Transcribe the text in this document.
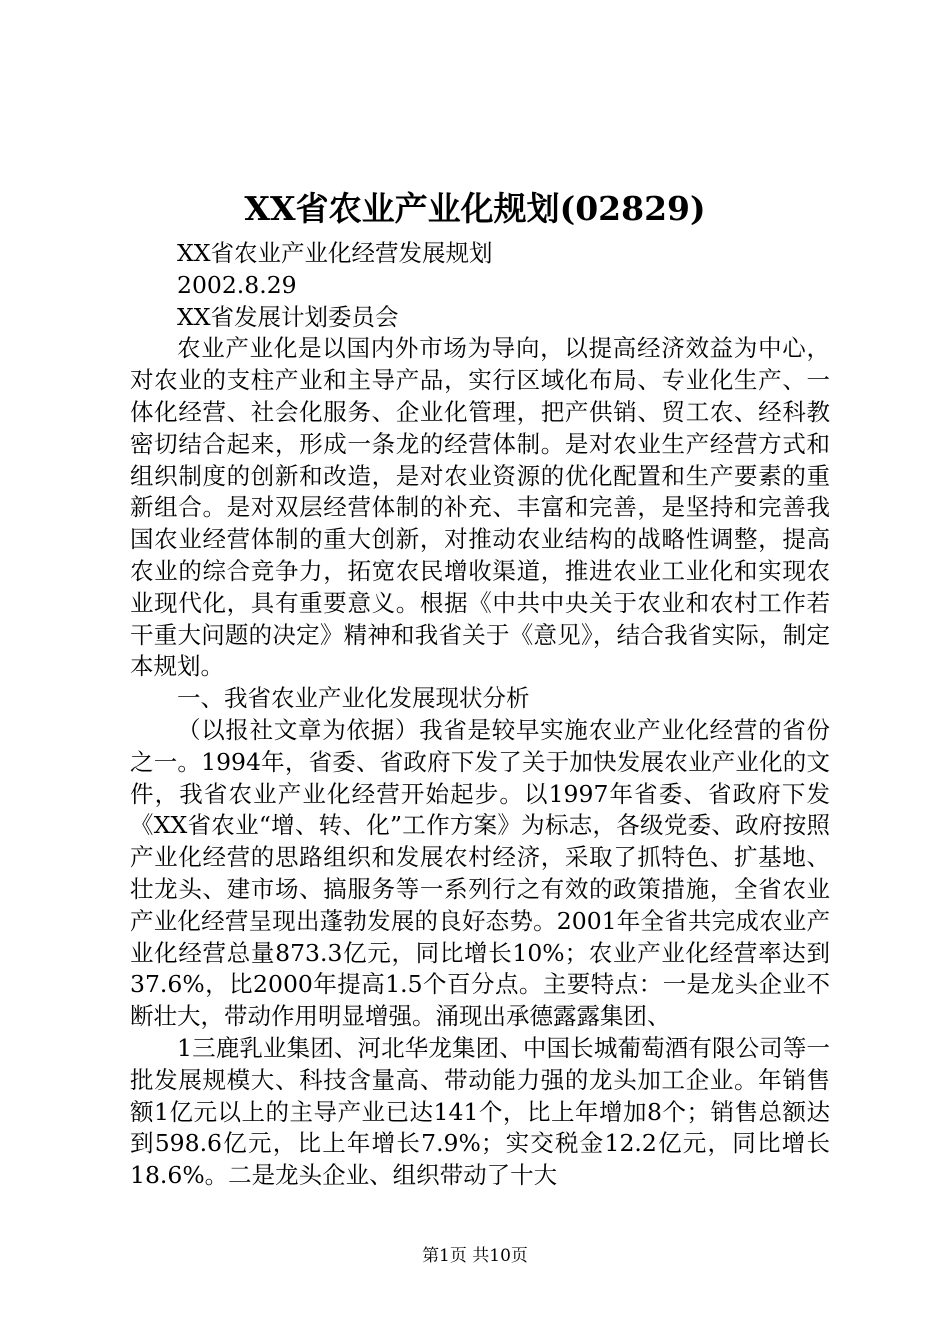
XX省农业产业化规划(02829)

XX省农业产业化经营发展规划

2002.8.29

XX省发展计划委员会

农业产业化是以国内外市场为导向，以提高经济效益为中心，对农业的支柱产业和主导产品，实行区域化布局、专业化生产、一体化经营、社会化服务、企业化管理，把产供销、贸工农、经科教密切结合起来，形成一条龙的经营体制。是对农业生产经营方式和组织制度的创新和改造，是对农业资源的优化配置和生产要素的重新组合。是对双层经营体制的补充、丰富和完善，是坚持和完善我国农业经营体制的重大创新，对推动农业结构的战略性调整，提高农业的综合竞争力，拓宽农民增收渠道，推进农业工业化和实现农业现代化，具有重要意义。根据《中共中央关于农业和农村工作若干重大问题的决定》精神和我省关于《意见》，结合我省实际，制定本规划。

一、我省农业产业化发展现状分析

（以报社文章为依据）我省是较早实施农业产业化经营的省份之一。1994年，省委、省政府下发了关于加快发展农业产业化的文件，我省农业产业化经营开始起步。以1997年省委、省政府下发《XX省农业“增、转、化”工作方案》为标志，各级党委、政府按照产业化经营的思路组织和发展农村经济，采取了抓特色、扩基地、壮龙头、建市场、搞服务等一系列行之有效的政策措施，全省农业产业化经营呈现出蓬勃发展的良好态势。2001年全省共完成农业产业化经营总量873.3亿元，同比增长10%；农业产业化经营率达到37.6%，比2000年提高1.5个百分点。主要特点：一是龙头企业不断壮大，带动作用明显增强。涌现出承德露露集团、

1三鹿乳业集团、河北华龙集团、中国长城葡萄酒有限公司等一批发展规模大、科技含量高、带动能力强的龙头加工企业。年销售额1亿元以上的主导产业已达141个，比上年增加8个；销售总额达到598.6亿元，比上年增长7.9%；实交税金12.2亿元，同比增长18.6%。二是龙头企业、组织带动了十大

第1页 共10页
